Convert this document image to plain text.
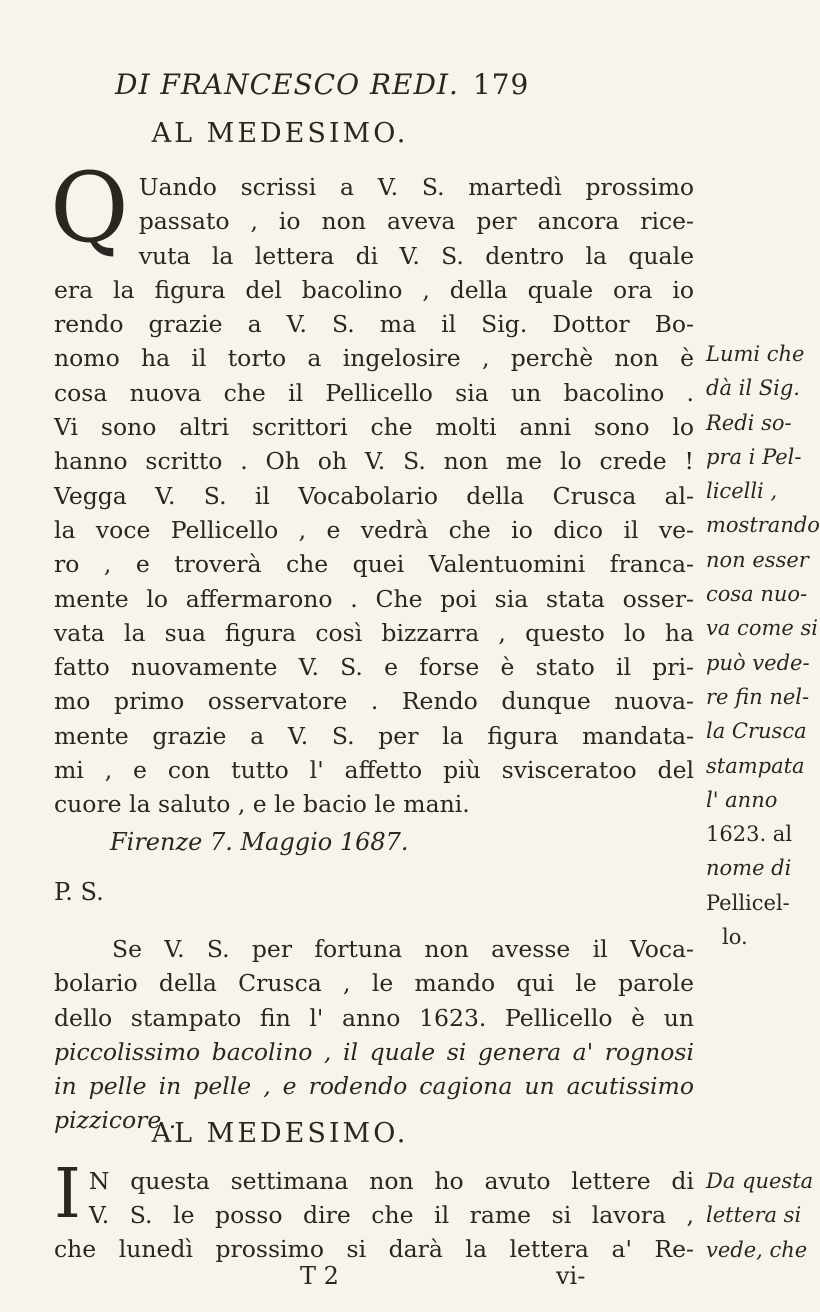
DI FRANCESCO REDI. 179
AL MEDESIMO.
Q Uando scrissi a V. S. martedì prossimo
passato , io non aveva per ancora rice-
vuta la lettera di V. S. dentro la quale
era la figura del bacolino , della quale ora io
rendo grazie a V. S. ma il Sig. Dottor Bo-
nomo ha il torto a ingelosire , perchè non è
cosa nuova che il Pellicello sia un bacolino .
Vi sono altri scrittori che molti anni sono lo
hanno scritto . Oh oh V. S. non me lo crede !
Vegga V. S. il Vocabolario della Crusca al-
la voce Pellicello , e vedrà che io dico il ve-
ro , e troverà che quei Valentuomini franca-
mente lo affermarono . Che poi sia stata osser-
vata la sua figura così bizzarra , questo lo ha
fatto nuovamente V. S. e forse è stato il pri-
mo primo osservatore . Rendo dunque nuova-
mente grazie a V. S. per la figura mandata-
mi , e con tutto l' affetto più svisceratoo del
cuore la saluto , e le bacio le mani.
Firenze 7. Maggio 1687.
P. S.
Se V. S. per fortuna non avesse il Voca-
bolario della Crusca , le mando qui le parole
dello stampato fin l' anno 1623. Pellicello è un
piccolissimo bacolino , il quale si genera a' rognosi
in pelle in pelle , e rodendo cagiona un acutissimo
pizzicore .
Lumi che
dà il Sig.
Redi so-
pra i Pel-
licelli ,
mostrando
non esser
cosa nuo-
va come si
può vede-
re fin nel-
la Crusca
stampata
l' anno
1623. al
nome di
Pellicel-
lo.
AL MEDESIMO.
I N questa settimana non ho avuto lettere di
V. S. le posso dire che il rame si lavora ,
che lunedì prossimo si darà la lettera a' Re-
Da questa
lettera si
vede, che
T 2	vi-
